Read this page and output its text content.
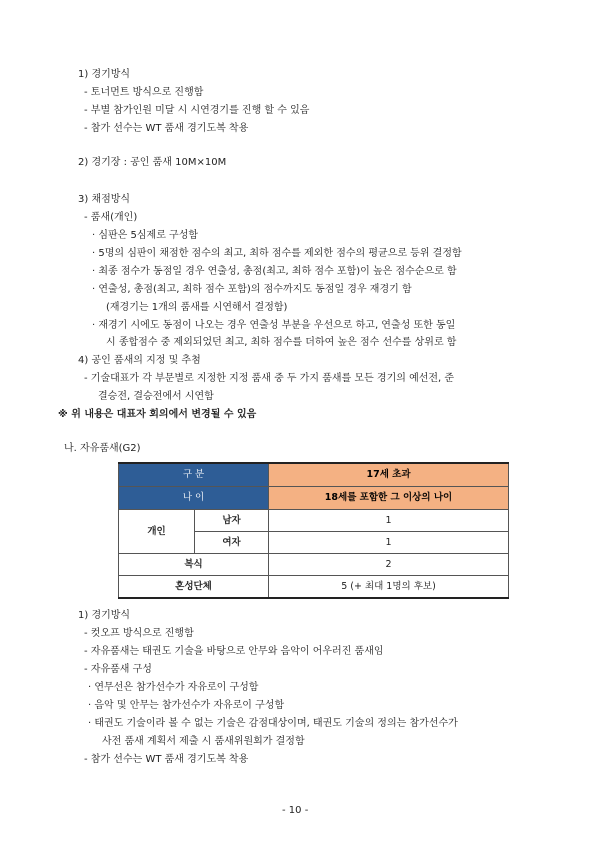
1) 경기방식
- 토너먼트 방식으로 진행함
- 부별 참가인원 미달 시 시연경기를 진행 할 수 있음
- 참가 선수는 WT 품새 경기도복 착용
2) 경기장 : 공인 품새 10M×10M
3) 채점방식
- 품새(개인)
· 심판은 5심제로 구성함
· 5명의 심판이 채점한 점수의 최고, 최하 점수를 제외한 점수의 평균으로 등위 결정함
· 최종 점수가 동점일 경우 연출성, 총점(최고, 최하 점수 포함)이 높은 점수순으로 함
· 연출성, 총점(최고, 최하 점수 포함)의 점수까지도 동점일 경우 재경기 함
(재경기는 1개의 품새를 시연해서 결정함)
· 재경기 시에도 동점이 나오는 경우 연출성 부분을 우선으로 하고, 연출성 또한 동일
시 종합점수 중 제외되었던 최고, 최하 점수를 더하여 높은 점수 선수를 상위로 함
4) 공인 품새의 지정 및 추첨
- 기술대표가 각 부문별로 지정한 지정 품새 중 두 가지 품새를 모든 경기의 예선전, 준
결승전, 결승전에서 시연함
※ 위 내용은 대표자 회의에서 변경될 수 있음
나. 자유품새(G2)
구 분		17세 초과
나 이		18세를 포함한 그 이상의 나이
개인	남자	1
	여자	1
복식		2
혼성단체		5 (+ 최대 1명의 후보)
1) 경기방식
- 컷오프 방식으로 진행함
- 자유품새는 태권도 기술을 바탕으로 안무와 음악이 어우러진 품새임
- 자유품새 구성
· 연무선은 참가선수가 자유로이 구성함
· 음악 및 안무는 참가선수가 자유로이 구성함
· 태권도 기술이라 볼 수 없는 기술은 감점대상이며, 태권도 기술의 정의는 참가선수가
사전 품새 계획서 제출 시 품새위원회가 결정함
- 참가 선수는 WT 품새 경기도복 착용
- 10 -
